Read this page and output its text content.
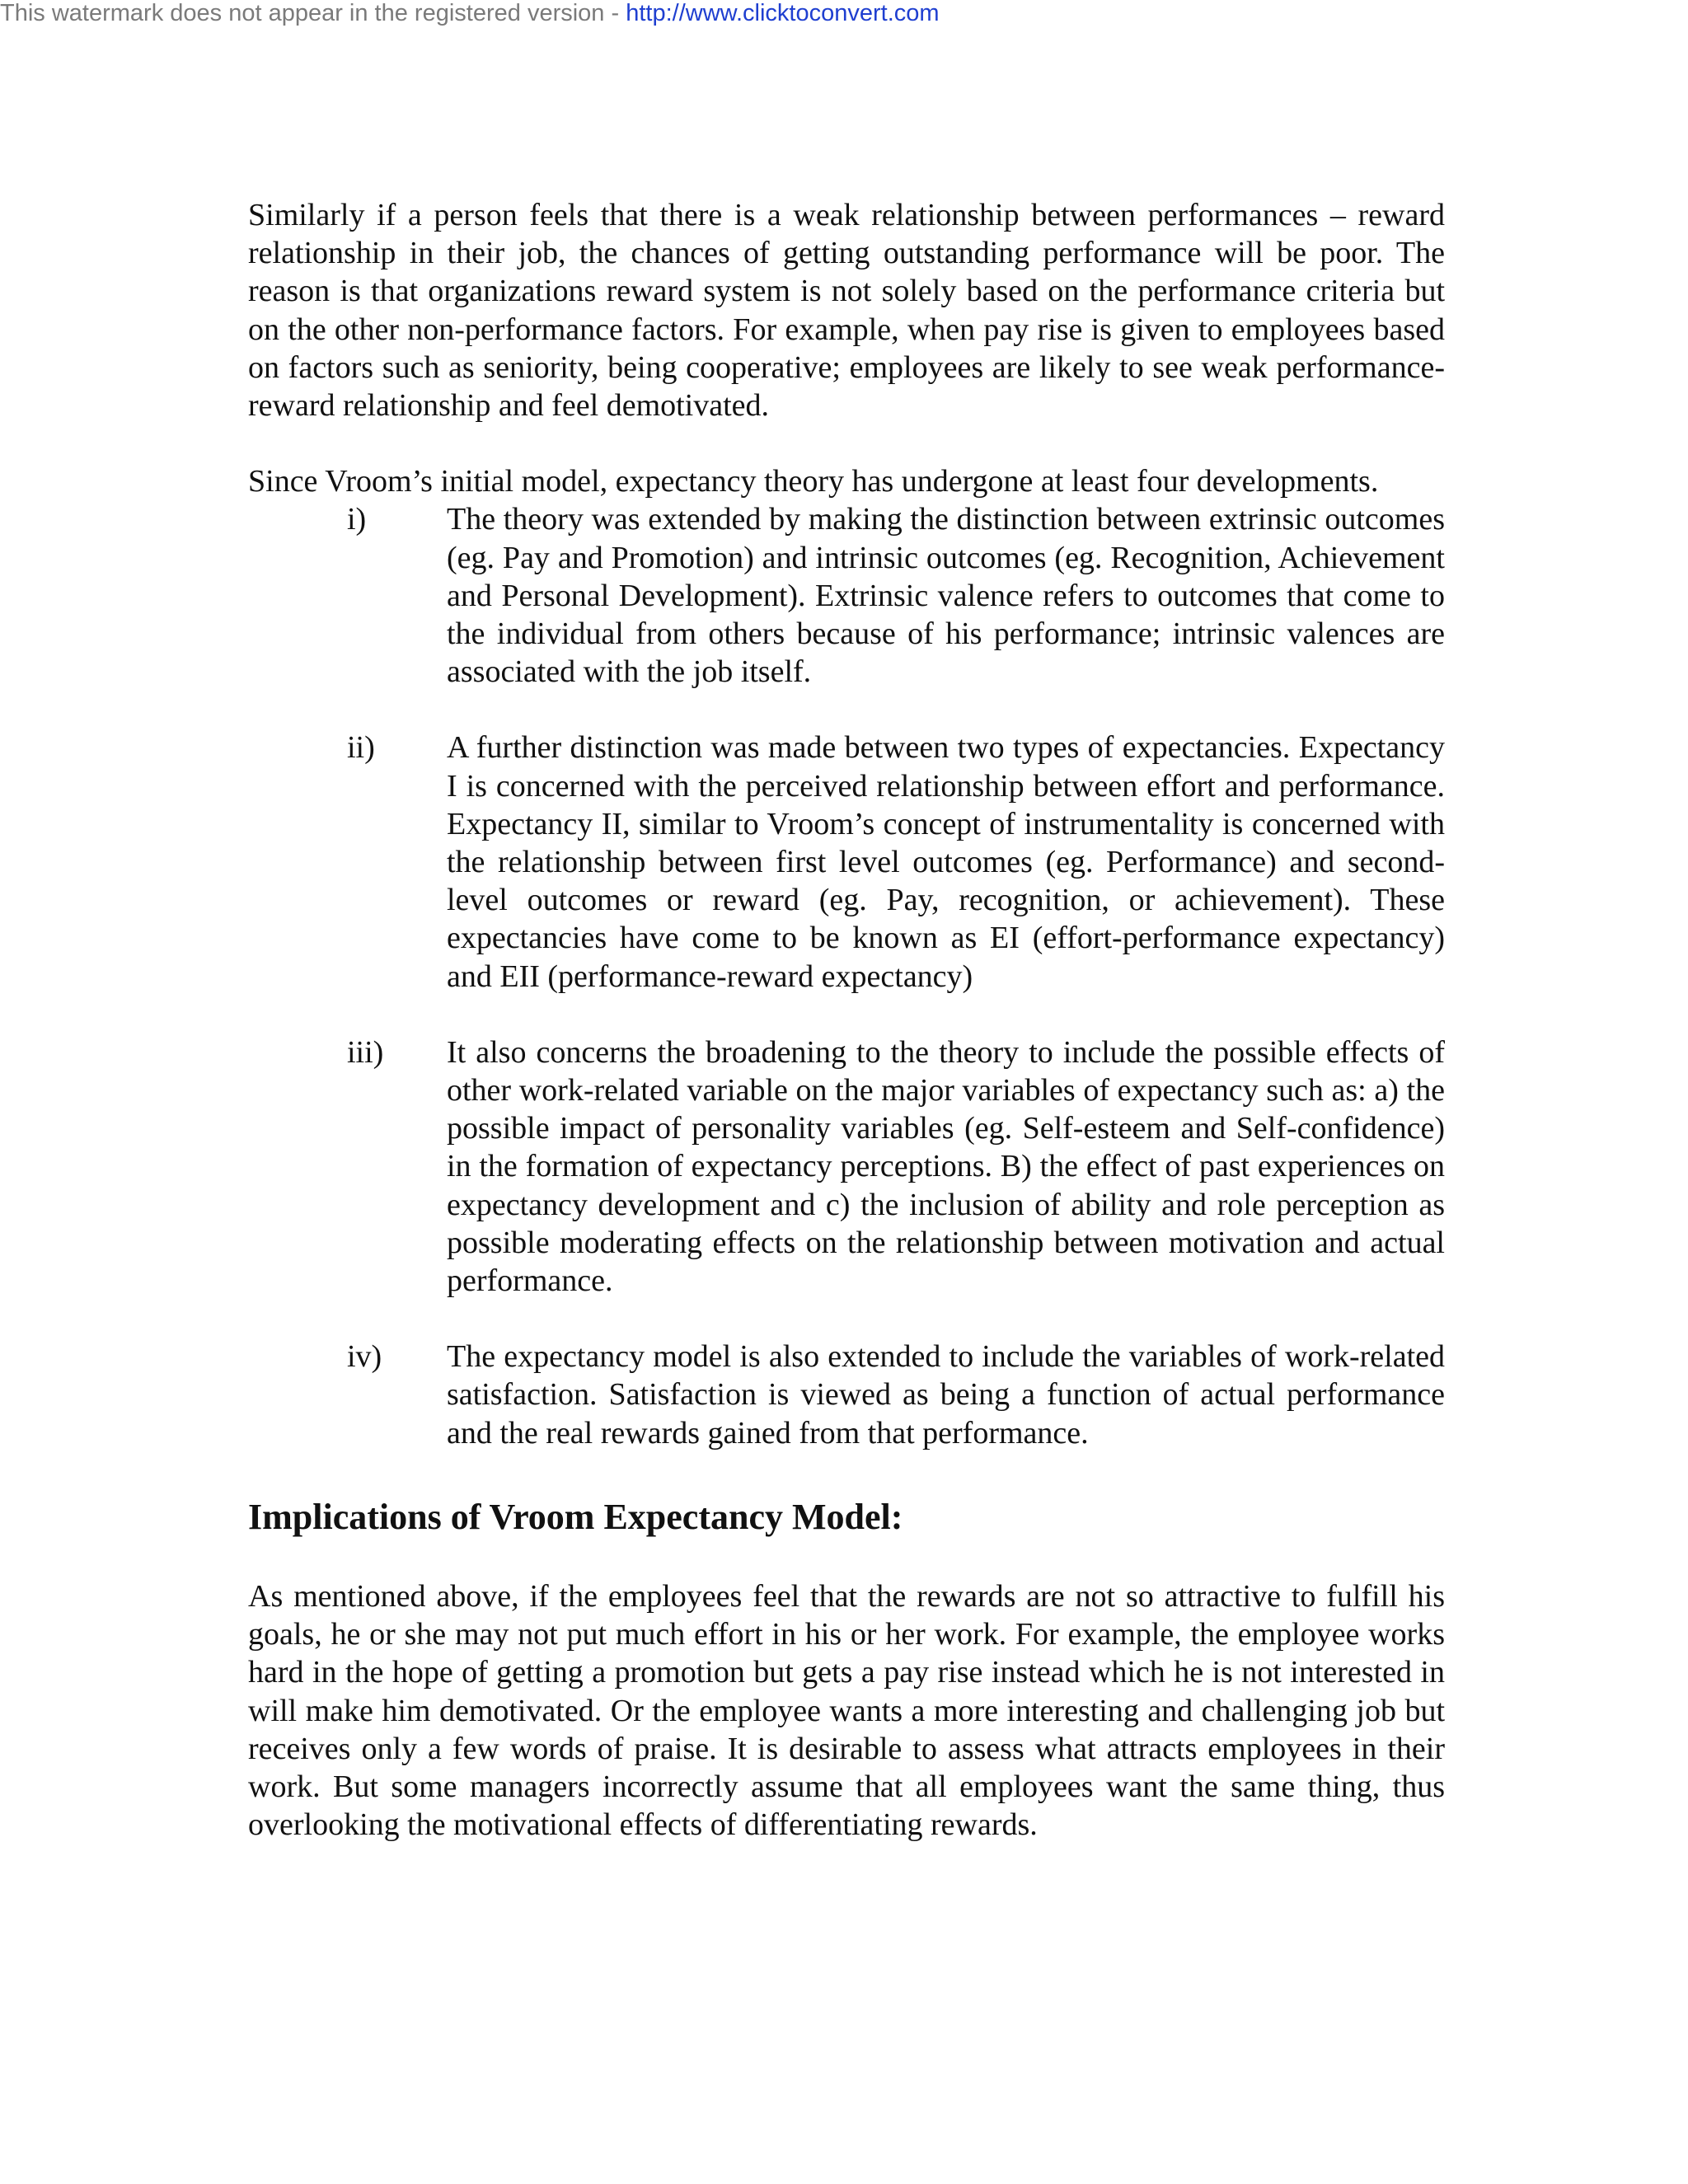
This watermark does not appear in the registered version - http://www.clicktoconvert.com

Similarly if a person feels that there is a weak relationship between performances – reward relationship in their job, the chances of getting outstanding performance will be poor. The reason is that organizations reward system is not solely based on the performance criteria but on the other non-performance factors. For example, when pay rise is given to employees based on factors such as seniority, being cooperative; employees are likely to see weak performance-reward relationship and feel demotivated.

Since Vroom’s initial model, expectancy theory has undergone at least four developments.

i)	The theory was extended by making the distinction between extrinsic outcomes (eg. Pay and Promotion) and intrinsic outcomes (eg. Recognition, Achievement and Personal Development). Extrinsic valence refers to outcomes that come to the individual from others because of his performance; intrinsic valences are associated with the job itself.

ii) A further distinction was made between two types of expectancies. Expectancy I is concerned with the perceived relationship between effort and performance. Expectancy II, similar to Vroom’s concept of instrumentality is concerned with the relationship between first level outcomes (eg. Performance) and second-level outcomes or reward (eg. Pay, recognition, or achievement). These expectancies have come to be known as EI (effort-performance expectancy) and EII (performance-reward expectancy)

iii) It also concerns the broadening to the theory to include the possible effects of other work-related variable on the major variables of expectancy such as: a) the possible impact of personality variables (eg. Self-esteem and Self-confidence) in the formation of expectancy perceptions. B) the effect of past experiences on expectancy development and c) the inclusion of ability and role perception as possible moderating effects on the relationship between motivation and actual performance.

iv) The expectancy model is also extended to include the variables of work-related satisfaction. Satisfaction is viewed as being a function of actual performance and the real rewards gained from that performance.

Implications of Vroom Expectancy Model:

As mentioned above, if the employees feel that the rewards are not so attractive to fulfill his goals, he or she may not put much effort in his or her work. For example, the employee works hard in the hope of getting a promotion but gets a pay rise instead which he is not interested in will make him demotivated. Or the employee wants a more interesting and challenging job but receives only a few words of praise. It is desirable to assess what attracts employees in their work. But some managers incorrectly assume that all employees want the same thing, thus overlooking the motivational effects of differentiating rewards.
